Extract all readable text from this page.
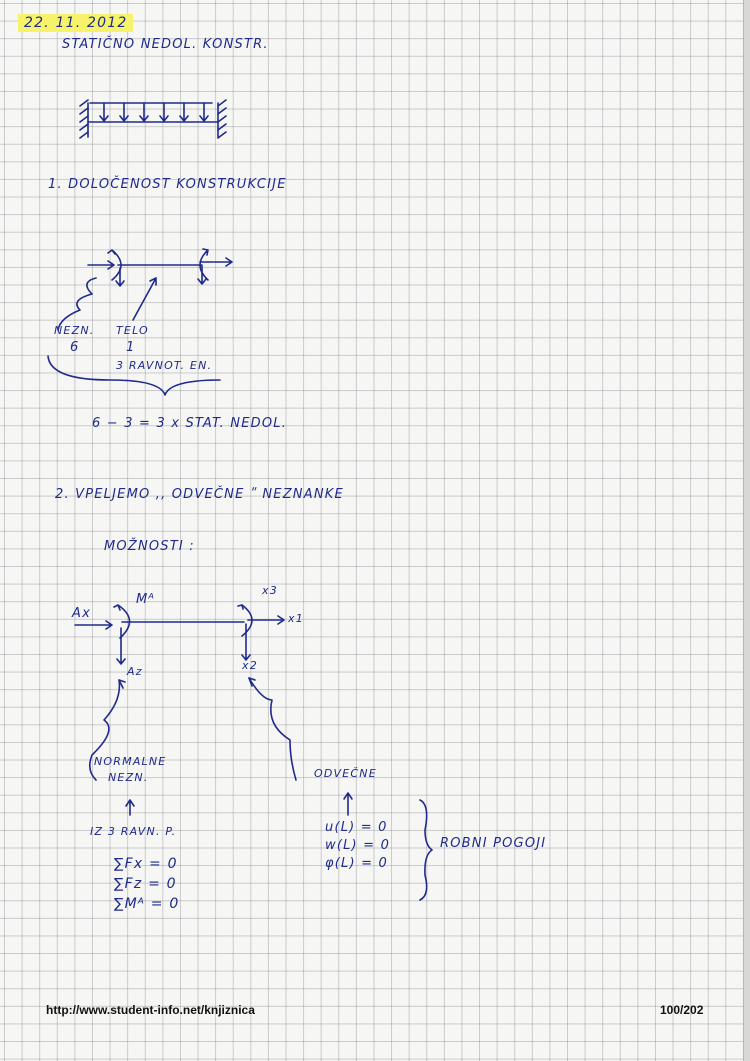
22. 11. 2012
STATIČNO NEDOL. KONSTR.
1. DOLOČENOST KONSTRUKCIJE
NEZN.
6
TELO
1
3 RAVNOT. EN.
6 − 3 = 3 x STAT. NEDOL.
2. VPELJEMO ‚‚ ODVEČNE ʺ NEZNANKE
MOŽNOSTI :
Ax
Mᴬ
Az
x3
x1
x2
NORMALNE
NEZN.
IZ 3 RAVN. P.
∑Fx = 0
∑Fz = 0
∑Mᴬ = 0
ODVEČNE
u(L) = 0
w(L) = 0
φ(L) = 0
ROBNI POGOJI
http://www.student-info.net/knjiznica	100/202
